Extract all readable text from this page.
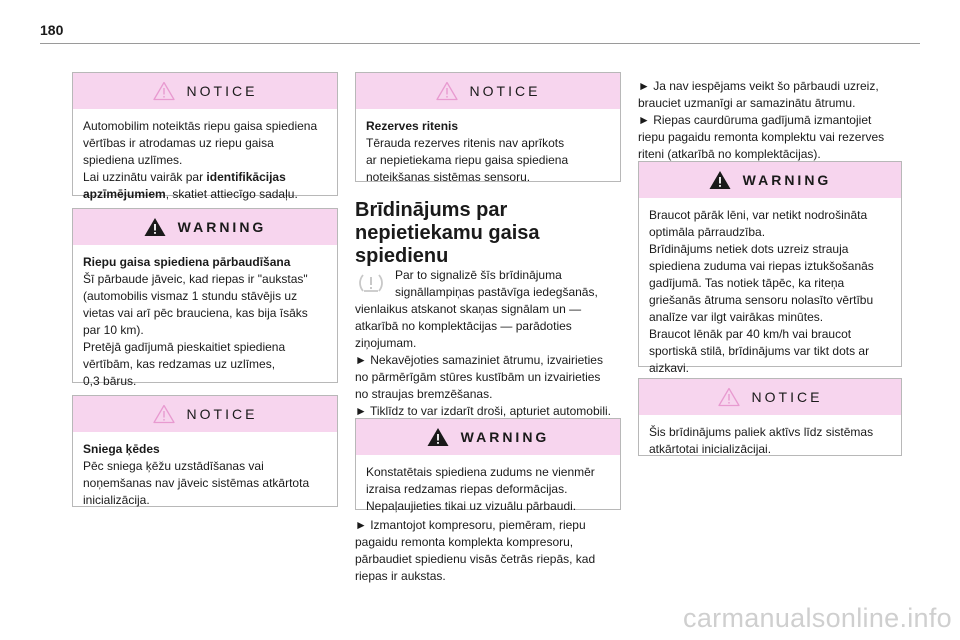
180
NOTICE

Automobilim noteiktās riepu gaisa spiediena

vērtības ir atrodamas uz riepu gaisa

spiediena uzlīmes.

Lai uzzinātu vairāk par identifikācijas

apzīmējumiem, skatiet attiecīgo sadaļu.

WARNING

Riepu gaisa spiediena pārbaudīšana

Šī pārbaude jāveic, kad riepas ir "aukstas"

(automobilis vismaz 1 stundu stāvējis uz

vietas vai arī pēc brauciena, kas bija īsāks

par 10 km).

Pretējā gadījumā pieskaitiet spiediena

vērtībām, kas redzamas uz uzlīmes,

0,3 bārus.

NOTICE

Sniega ķēdes

Pēc sniega ķēžu uzstādīšanas vai

noņemšanas nav jāveic sistēmas atkārtota

inicializācija.

NOTICE

Rezerves ritenis

Tērauda rezerves ritenis nav aprīkots

ar nepietiekama riepu gaisa spiediena

noteikšanas sistēmas sensoru.

Brīdinājums par
nepietiekamu gaisa
spiedienu

Par to signalizē šīs brīdinājuma

signāllampiņas pastāvīga iedegšanās,

vienlaikus atskanot skaņas signālam un —

atkarībā no komplektācijas — parādoties

ziņojumam.

► Nekavējoties samaziniet ātrumu, izvairieties

no pārmērīgām stūres kustībām un izvairieties

no straujas bremzēšanas.

► Tiklīdz to var izdarīt droši, apturiet automobili.

WARNING

Konstatētais spiediena zudums ne vienmēr

izraisa redzamas riepas deformācijas.

Nepaļaujieties tikai uz vizuālu pārbaudi.

► Izmantojot kompresoru, piemēram, riepu

pagaidu remonta komplekta kompresoru,

pārbaudiet spiedienu visās četrās riepās, kad

riepas ir aukstas.

► Ja nav iespējams veikt šo pārbaudi uzreiz,

brauciet uzmanīgi ar samazinātu ātrumu.

► Riepas caurdūruma gadījumā izmantojiet

riepu pagaidu remonta komplektu vai rezerves

riteni (atkarībā no komplektācijas).

WARNING

Braucot pārāk lēni, var netikt nodrošināta

optimāla pārraudzība.

Brīdinājums netiek dots uzreiz strauja

spiediena zuduma vai riepas iztukšošanās

gadījumā. Tas notiek tāpēc, ka riteņa

griešanās ātruma sensoru nolasīto vērtību

analīze var ilgt vairākas minūtes.

Braucot lēnāk par 40 km/h vai braucot

sportiskā stilā, brīdinājums var tikt dots ar

aizkavi.

NOTICE

Šis brīdinājums paliek aktīvs līdz sistēmas

atkārtotai inicializācijai.

carmanualsonline.info
